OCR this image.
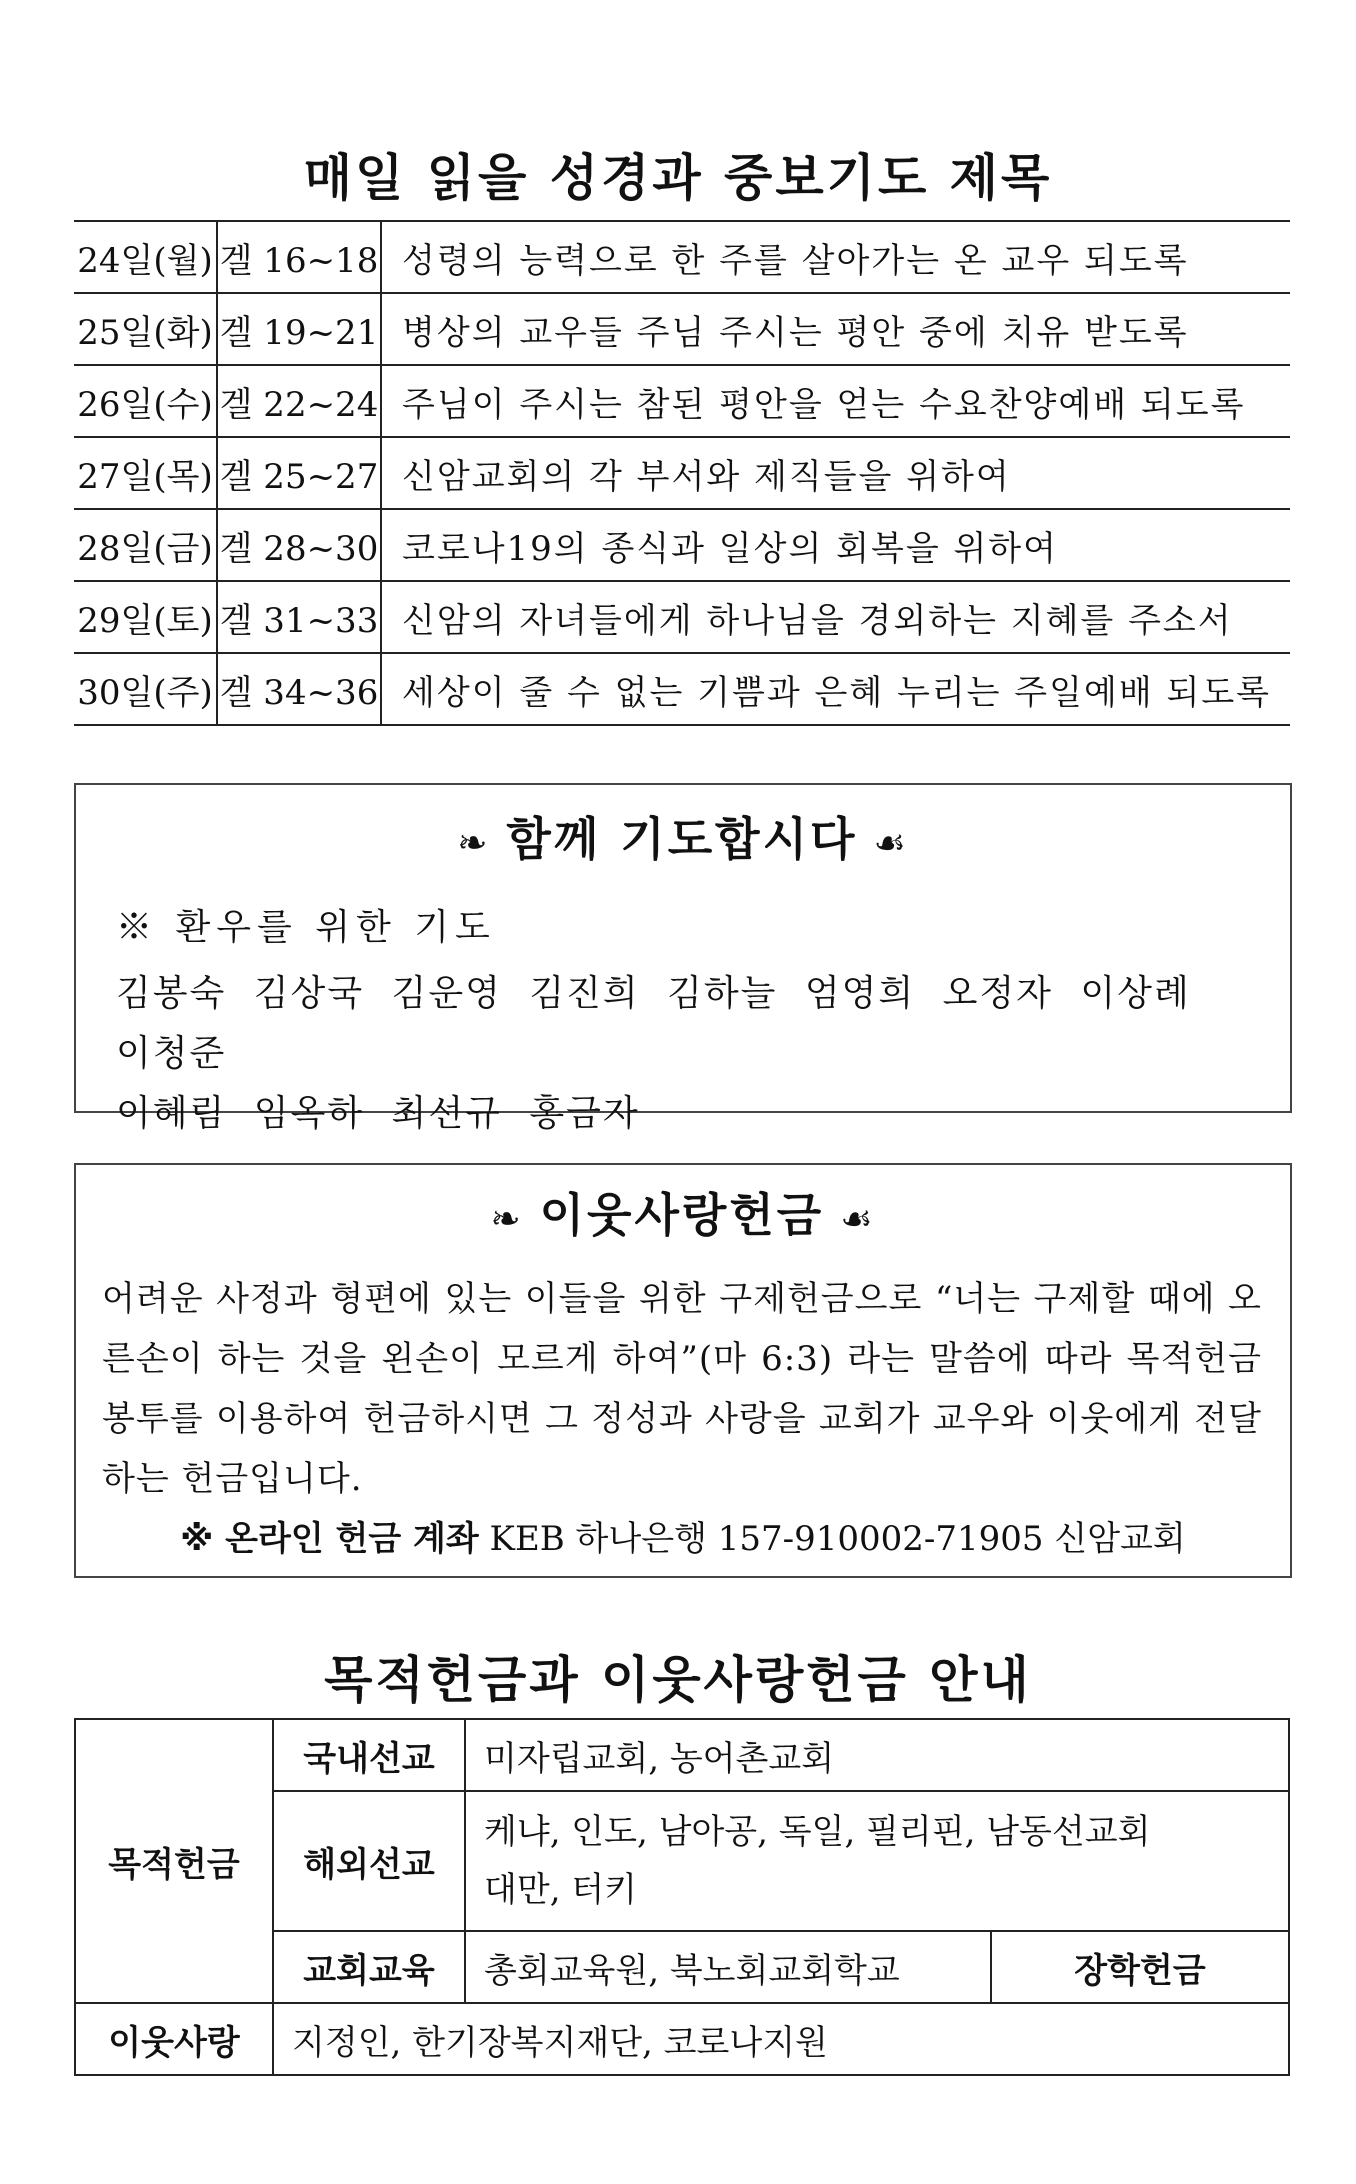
매일 읽을 성경과 중보기도 제목
24일(월)	겔 16~18	성령의 능력으로 한 주를 살아가는 온 교우 되도록
25일(화)	겔 19~21	병상의 교우들 주님 주시는 평안 중에 치유 받도록
26일(수)	겔 22~24	주님이 주시는 참된 평안을 얻는 수요찬양예배 되도록
27일(목)	겔 25~27	신암교회의 각 부서와 제직들을 위하여
28일(금)	겔 28~30	코로나19의 종식과 일상의 회복을 위하여
29일(토)	겔 31~33	신암의 자녀들에게 하나님을 경외하는 지혜를 주소서
30일(주)	겔 34~36	세상이 줄 수 없는 기쁨과 은혜 누리는 주일예배 되도록
❧ 함께 기도합시다 ☙
※ 환우를 위한 기도
김봉숙 김상국 김운영 김진희 김하늘 엄영희 오정자 이상례 이청준
이혜림 임옥하 최선규 홍금자
❧ 이웃사랑헌금 ☙
어려운 사정과 형편에 있는 이들을 위한 구제헌금으로 “너는 구제할 때에 오른손이 하는 것을 왼손이 모르게 하여”(마 6:3) 라는 말씀에 따라 목적헌금 봉투를 이용하여 헌금하시면 그 정성과 사랑을 교회가 교우와 이웃에게 전달하는 헌금입니다.
※ 온라인 헌금 계좌 KEB 하나은행 157-910002-71905 신암교회
목적헌금과 이웃사랑헌금 안내
목적헌금	국내선교	미자립교회, 농어촌교회	
	해외선교	케냐, 인도, 남아공, 독일, 필리핀, 남동선교회
대만, 터키	

	교회교육	총회교육원, 북노회교회학교	장학헌금
이웃사랑	지정인, 한기장복지재단, 코로나지원		
